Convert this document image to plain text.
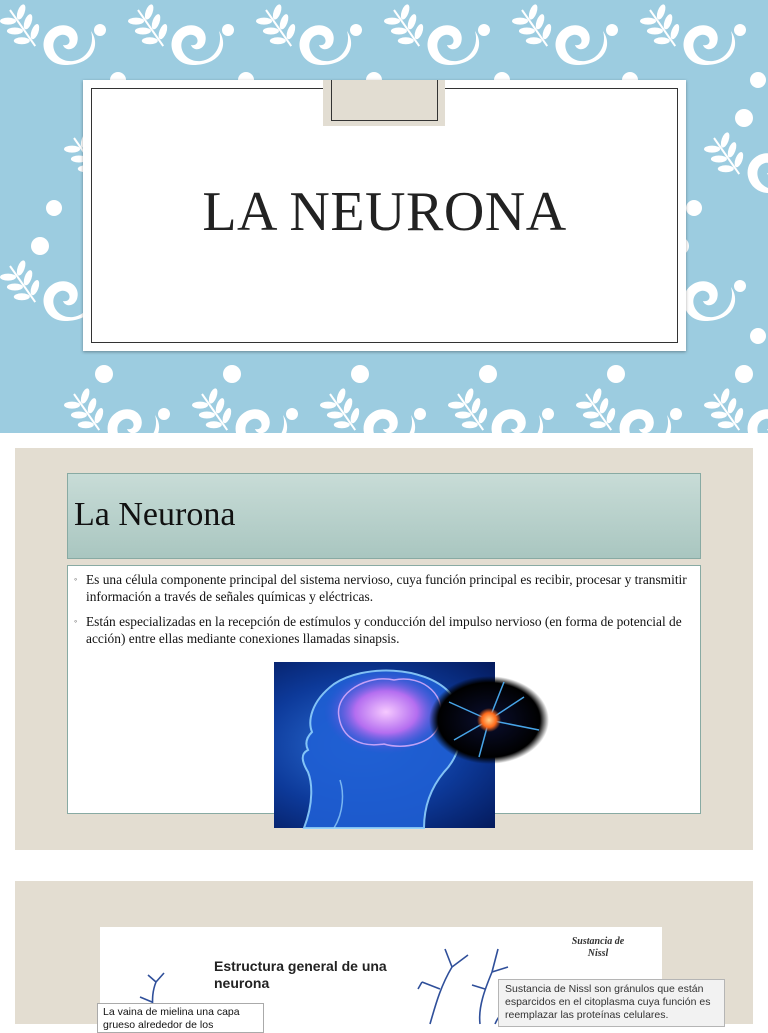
LA NEURONA
La Neurona
◦ Es una célula componente principal del sistema nervioso, cuya función principal es recibir, procesar y transmitir información a través de señales químicas y eléctricas.
◦ Están especializadas en la recepción de estímulos y conducción del impulso nervioso (en forma de potencial de acción) entre ellas mediante conexiones llamadas sinapsis.
Estructura general de una neurona
Sustancia de Nissl
La vaina de mielina una capa grueso alrededor de los
Sustancia de Nissl son gránulos que están esparcidos en el citoplasma cuya función es reemplazar las proteínas celulares.
